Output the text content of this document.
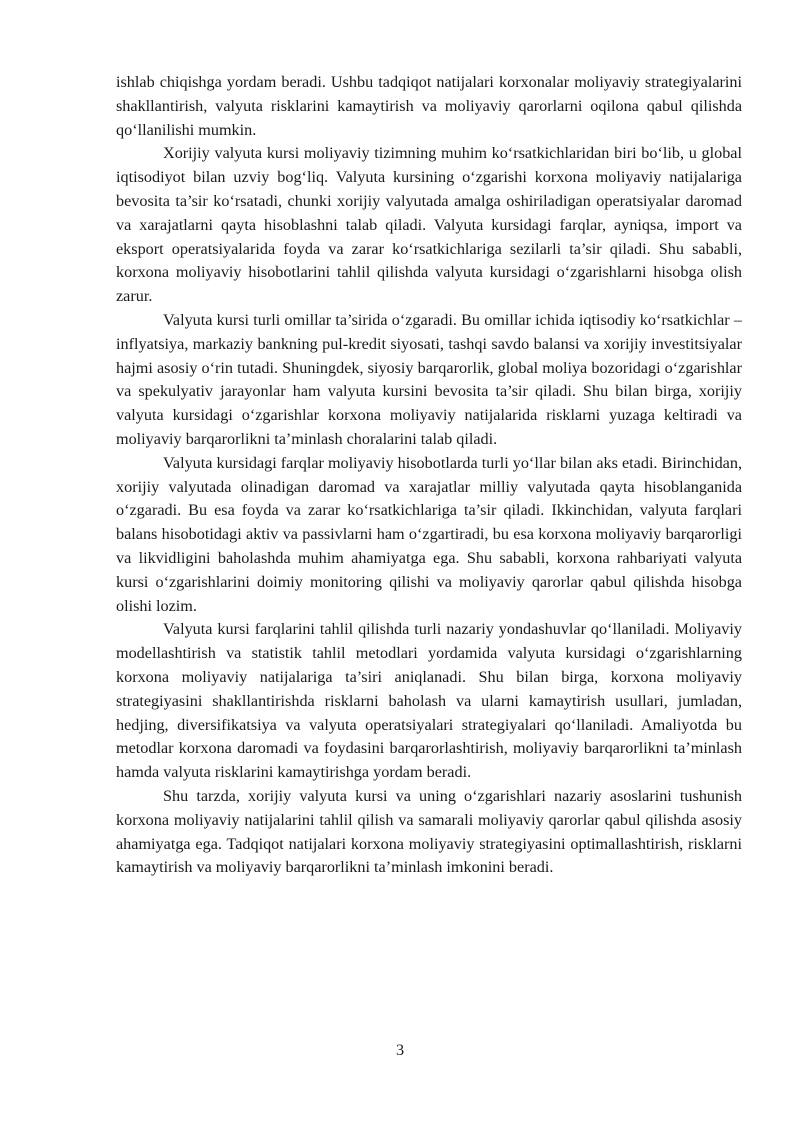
ishlab chiqishga yordam beradi. Ushbu tadqiqot natijalari korxonalar moliyaviy strategiyalarini shakllantirish, valyuta risklarini kamaytirish va moliyaviy qarorlarni oqilona qabul qilishda qo‘llanilishi mumkin.

Xorijiy valyuta kursi moliyaviy tizimning muhim ko‘rsatkichlaridan biri bo‘lib, u global iqtisodiyot bilan uzviy bog‘liq. Valyuta kursining o‘zgarishi korxona moliyaviy natijalariga bevosita ta’sir ko‘rsatadi, chunki xorijiy valyutada amalga oshiriladigan operatsiyalar daromad va xarajatlarni qayta hisoblashni talab qiladi. Valyuta kursidagi farqlar, ayniqsa, import va eksport operatsiyalarida foyda va zarar ko‘rsatkichlariga sezilarli ta’sir qiladi. Shu sababli, korxona moliyaviy hisobotlarini tahlil qilishda valyuta kursidagi o‘zgarishlarni hisobga olish zarur.

Valyuta kursi turli omillar ta’sirida o‘zgaradi. Bu omillar ichida iqtisodiy ko‘rsatkichlar – inflyatsiya, markaziy bankning pul-kredit siyosati, tashqi savdo balansi va xorijiy investitsiyalar hajmi asosiy o‘rin tutadi. Shuningdek, siyosiy barqarorlik, global moliya bozoridagi o‘zgarishlar va spekulyativ jarayonlar ham valyuta kursini bevosita ta’sir qiladi. Shu bilan birga, xorijiy valyuta kursidagi o‘zgarishlar korxona moliyaviy natijalarida risklarni yuzaga keltiradi va moliyaviy barqarorlikni ta’minlash choralarini talab qiladi.

Valyuta kursidagi farqlar moliyaviy hisobotlarda turli yo‘llar bilan aks etadi. Birinchidan, xorijiy valyutada olinadigan daromad va xarajatlar milliy valyutada qayta hisoblanganida o‘zgaradi. Bu esa foyda va zarar ko‘rsatkichlariga ta’sir qiladi. Ikkinchidan, valyuta farqlari balans hisobotidagi aktiv va passivlarni ham o‘zgartiradi, bu esa korxona moliyaviy barqarorligi va likvidligini baholashda muhim ahamiyatga ega. Shu sababli, korxona rahbariyati valyuta kursi o‘zgarishlarini doimiy monitoring qilishi va moliyaviy qarorlar qabul qilishda hisobga olishi lozim.

Valyuta kursi farqlarini tahlil qilishda turli nazariy yondashuvlar qo‘llaniladi. Moliyaviy modellashtirish va statistik tahlil metodlari yordamida valyuta kursidagi o‘zgarishlarning korxona moliyaviy natijalariga ta’siri aniqlanadi. Shu bilan birga, korxona moliyaviy strategiyasini shakllantirishda risklarni baholash va ularni kamaytirish usullari, jumladan, hedjing, diversifikatsiya va valyuta operatsiyalari strategiyalari qo‘llaniladi. Amaliyotda bu metodlar korxona daromadi va foydasini barqarorlashtirish, moliyaviy barqarorlikni ta’minlash hamda valyuta risklarini kamaytirishga yordam beradi.

Shu tarzda, xorijiy valyuta kursi va uning o‘zgarishlari nazariy asoslarini tushunish korxona moliyaviy natijalarini tahlil qilish va samarali moliyaviy qarorlar qabul qilishda asosiy ahamiyatga ega. Tadqiqot natijalari korxona moliyaviy strategiyasini optimallashtirish, risklarni kamaytirish va moliyaviy barqarorlikni ta’minlash imkonini beradi.

3
